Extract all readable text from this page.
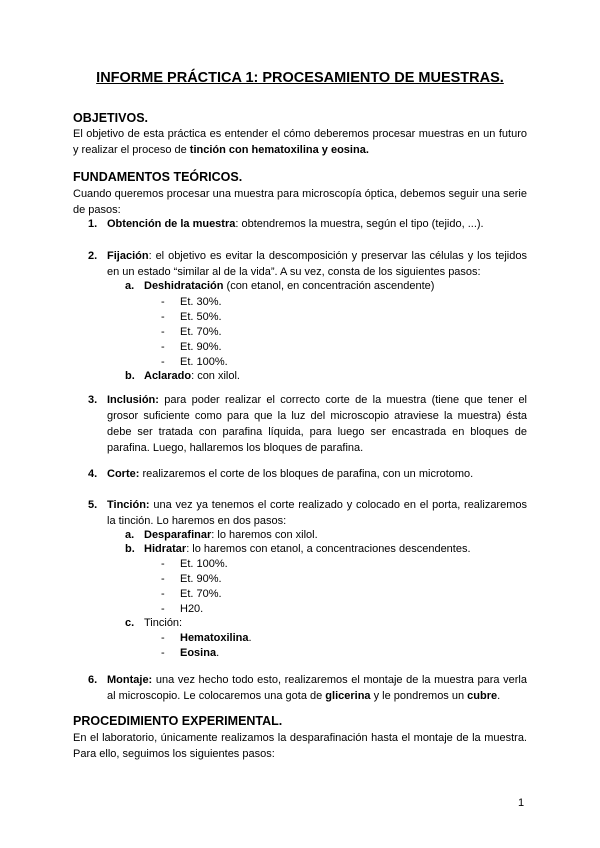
INFORME PRÁCTICA 1: PROCESAMIENTO DE MUESTRAS.
OBJETIVOS.
El objetivo de esta práctica es entender el cómo deberemos procesar muestras en un futuro y realizar el proceso de tinción con hematoxilina y eosina.
FUNDAMENTOS TEÓRICOS.
Cuando queremos procesar una muestra para microscopía óptica, debemos seguir una serie de pasos:
1. Obtención de la muestra: obtendremos la muestra, según el tipo (tejido, ...).
2. Fijación: el objetivo es evitar la descomposición y preservar las células y los tejidos en un estado “similar al de la vida”. A su vez, consta de los siguientes pasos:
a. Deshidratación (con etanol, en concentración ascendente)
- Et. 30%.
- Et. 50%.
- Et. 70%.
- Et. 90%.
- Et. 100%.
b. Aclarado: con xilol.
3. Inclusión: para poder realizar el correcto corte de la muestra (tiene que tener el grosor suficiente como para que la luz del microscopio atraviese la muestra) ésta debe ser tratada con parafina líquida, para luego ser encastrada en bloques de parafina. Luego, hallaremos los bloques de parafina.
4. Corte: realizaremos el corte de los bloques de parafina, con un microtomo.
5. Tinción: una vez ya tenemos el corte realizado y colocado en el porta, realizaremos la tinción. Lo haremos en dos pasos:
a. Desparafinar: lo haremos con xilol.
b. Hidratar: lo haremos con etanol, a concentraciones descendentes.
- Et. 100%.
- Et. 90%.
- Et. 70%.
- H20.
c. Tinción:
- Hematoxilina.
- Eosina.
6. Montaje: una vez hecho todo esto, realizaremos el montaje de la muestra para verla al microscopio. Le colocaremos una gota de glicerina y le pondremos un cubre.
PROCEDIMIENTO EXPERIMENTAL.
En el laboratorio, únicamente realizamos la desparafinación hasta el montaje de la muestra. Para ello, seguimos los siguientes pasos:
1
